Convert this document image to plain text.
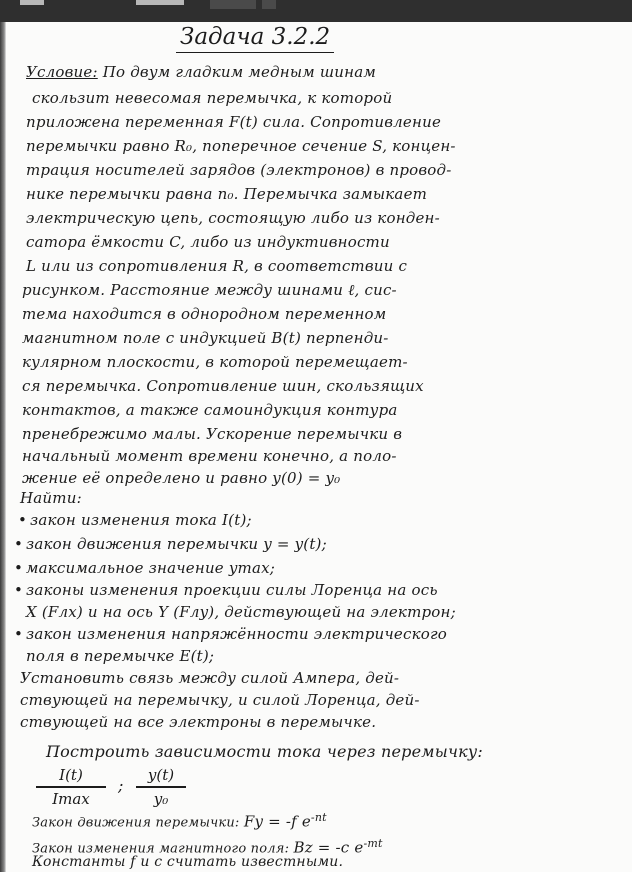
Задача 3.2.2
Условие: По двум гладким медным шинам
скользит невесомая перемычка, к которой
приложена переменная F(t) сила. Сопротивление
перемычки равно R₀, поперечное сечение S, концен-
трация носителей зарядов (электронов) в провод-
нике перемычки равна n₀. Перемычка замыкает
электрическую цепь, состоящую либо из конден-
сатора ёмкости C, либо из индуктивности
L или из сопротивления R, в соответствии с
рисунком. Расстояние между шинами ℓ, сис-
тема находится в однородном переменном
магнитном поле с индукцией B(t) перпенди-
кулярном плоскости, в которой перемещает-
ся перемычка. Сопротивление шин, скользящих
контактов, а также самоиндукция контура
пренебрежимо малы. Ускорение перемычки в
начальный момент времени конечно, а поло-
жение её определено и равно y(0) = y₀
Найти:
• закон изменения тока I(t);
• закон движения перемычки y = y(t);
• максимальное значение ymax;
• законы изменения проекции силы Лоренца на ось
X (Fлx) и на ось Y (Fлy), действующей на электрон;
• закон изменения напряжённости электрического
поля в перемычке E(t);
Установить связь между силой Ампера, дей-
ствующей на перемычку, и силой Лоренца, дей-
ствующей на все электроны в перемычке.
Построить зависимости тока через перемычку:
I(t)
Imax
;
y(t)
y₀
Закон движения перемычки: Fy = -f $e^{-nt}$
Закон изменения магнитного поля: Bz = -c $e^{-mt}$
Константы f и c считать известными.
